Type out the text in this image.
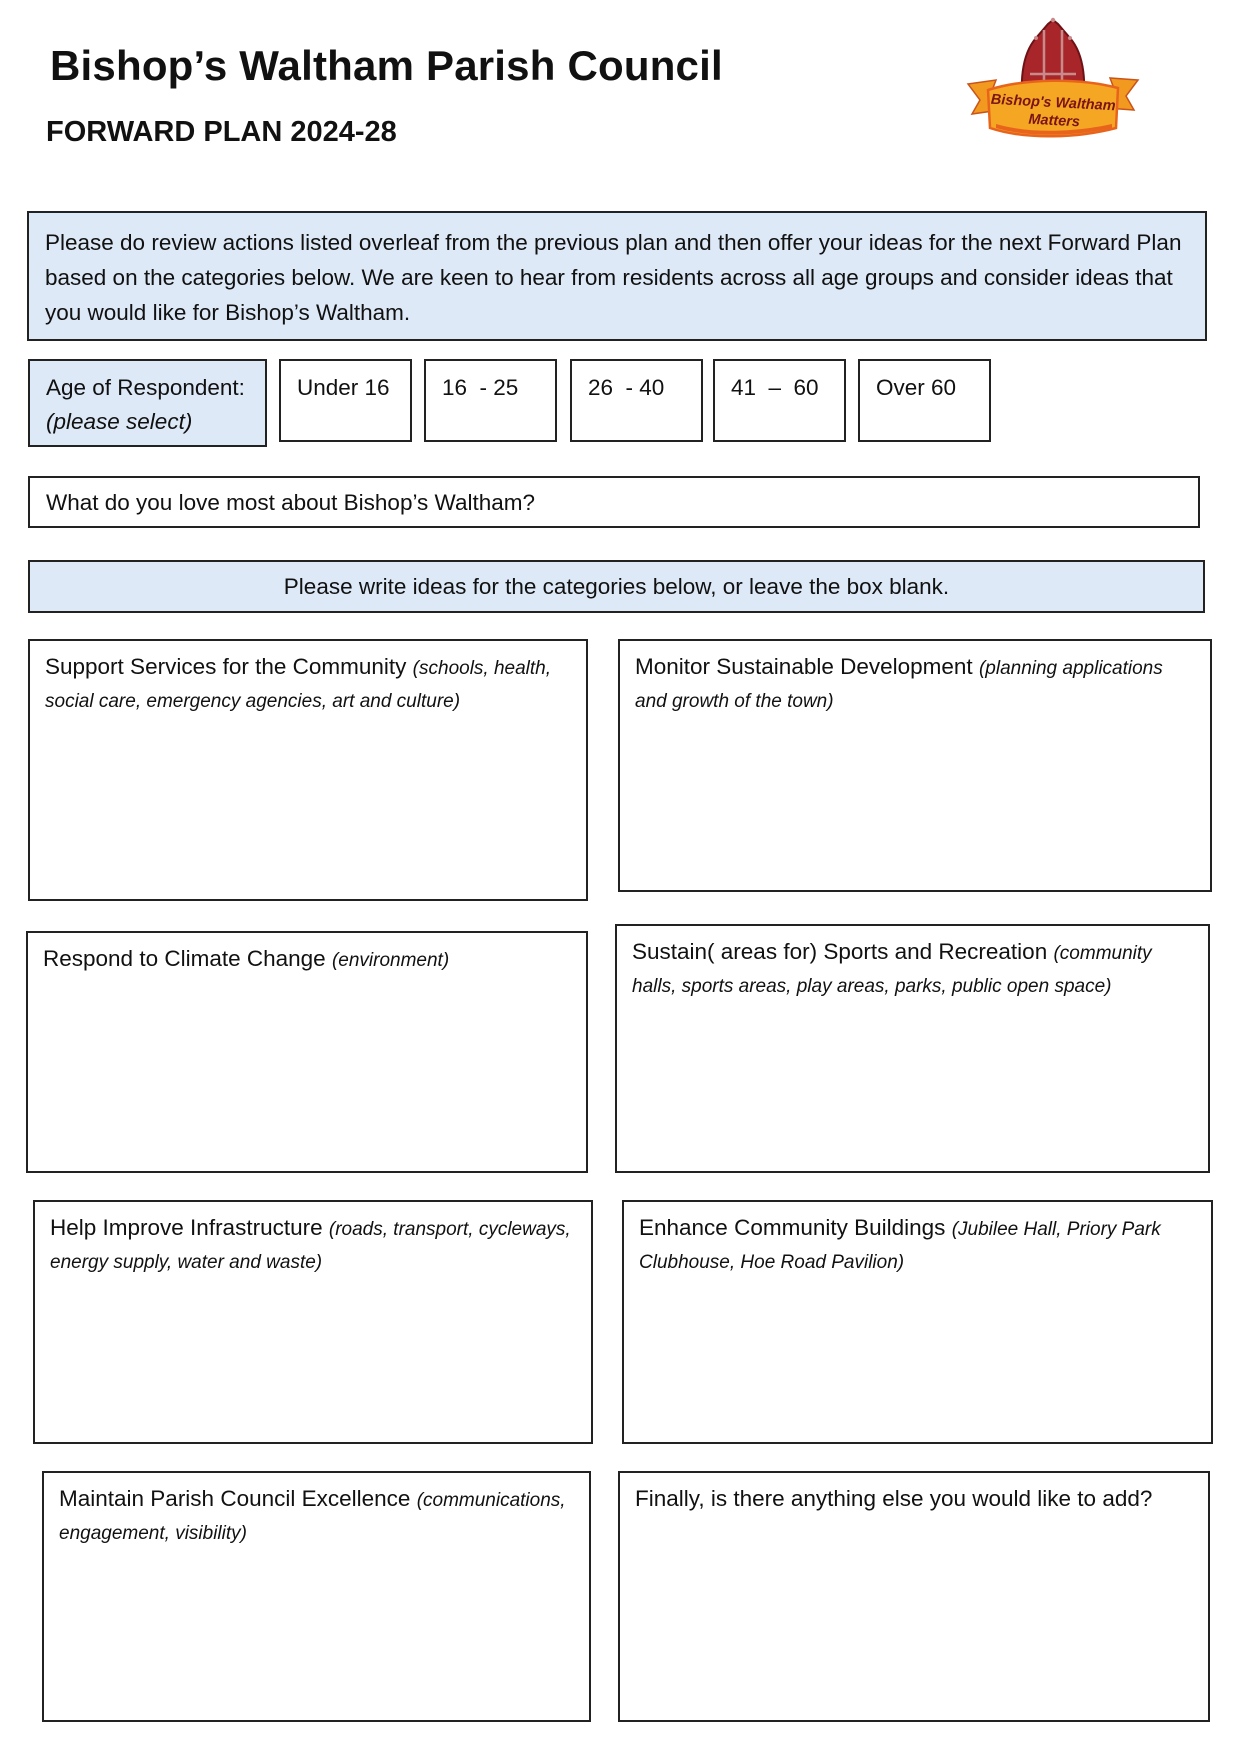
Bishop’s Waltham Parish Council
FORWARD PLAN 2024-28
Bishop's Waltham
Matters
Please do review actions listed overleaf from the previous plan and then offer your ideas for the next Forward Plan based on the categories below. We are keen to hear from residents across all age groups and consider ideas that you would like for Bishop’s Waltham.
Age of Respondent:
(please select)
Under 16	16  - 25	26  - 40	41  –  60	Over 60
What do you love most about Bishop’s Waltham?
Please write ideas for the categories below, or leave the box blank.
Support Services for the Community (schools, health, social care, emergency agencies, art and culture)
Monitor Sustainable Development (planning applications and growth of the town)
Respond to Climate Change (environment)	Sustain( areas for) Sports and Recreation (community halls, sports areas, play areas, parks, public open space)
Help Improve Infrastructure (roads, transport, cycleways, energy supply, water and waste)
Enhance Community Buildings (Jubilee Hall, Priory Park Clubhouse, Hoe Road Pavilion)
Maintain Parish Council Excellence (communications, engagement, visibility)
Finally, is there anything else you would like to add?
